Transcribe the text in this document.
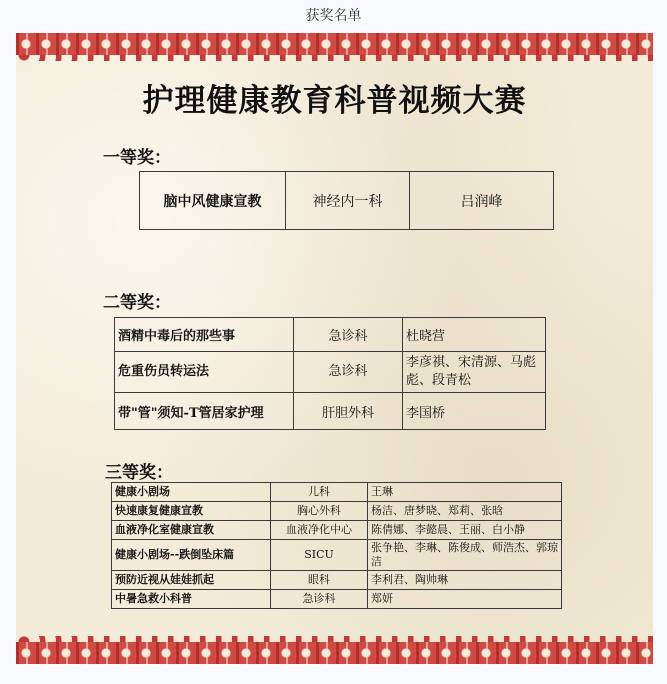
获奖名单
护理健康教育科普视频大赛
一等奖：
脑中风健康宣教	神经内一科	吕润峰
二等奖：
酒精中毒后的那些事	急诊科	杜晓营
危重伤员转运法	急诊科	李彦祺、宋清源、马彪彪、段青松
带"管"须知-T管居家护理	肝胆外科	李国桥
三等奖：
健康小剧场	儿科	王琳
快速康复健康宣教	胸心外科	杨洁、唐梦晓、郑莉、张晗
血液净化室健康宣教	血液净化中心	陈倩娜、李懿晨、王丽、白小静
健康小剧场--跌倒坠床篇	SICU	张争艳、李琳、陈俊成、师浩杰、郭琼洁
预防近视从娃娃抓起	眼科	李利君、陶帅琳
中暑急救小科普	急诊科	郑妍
